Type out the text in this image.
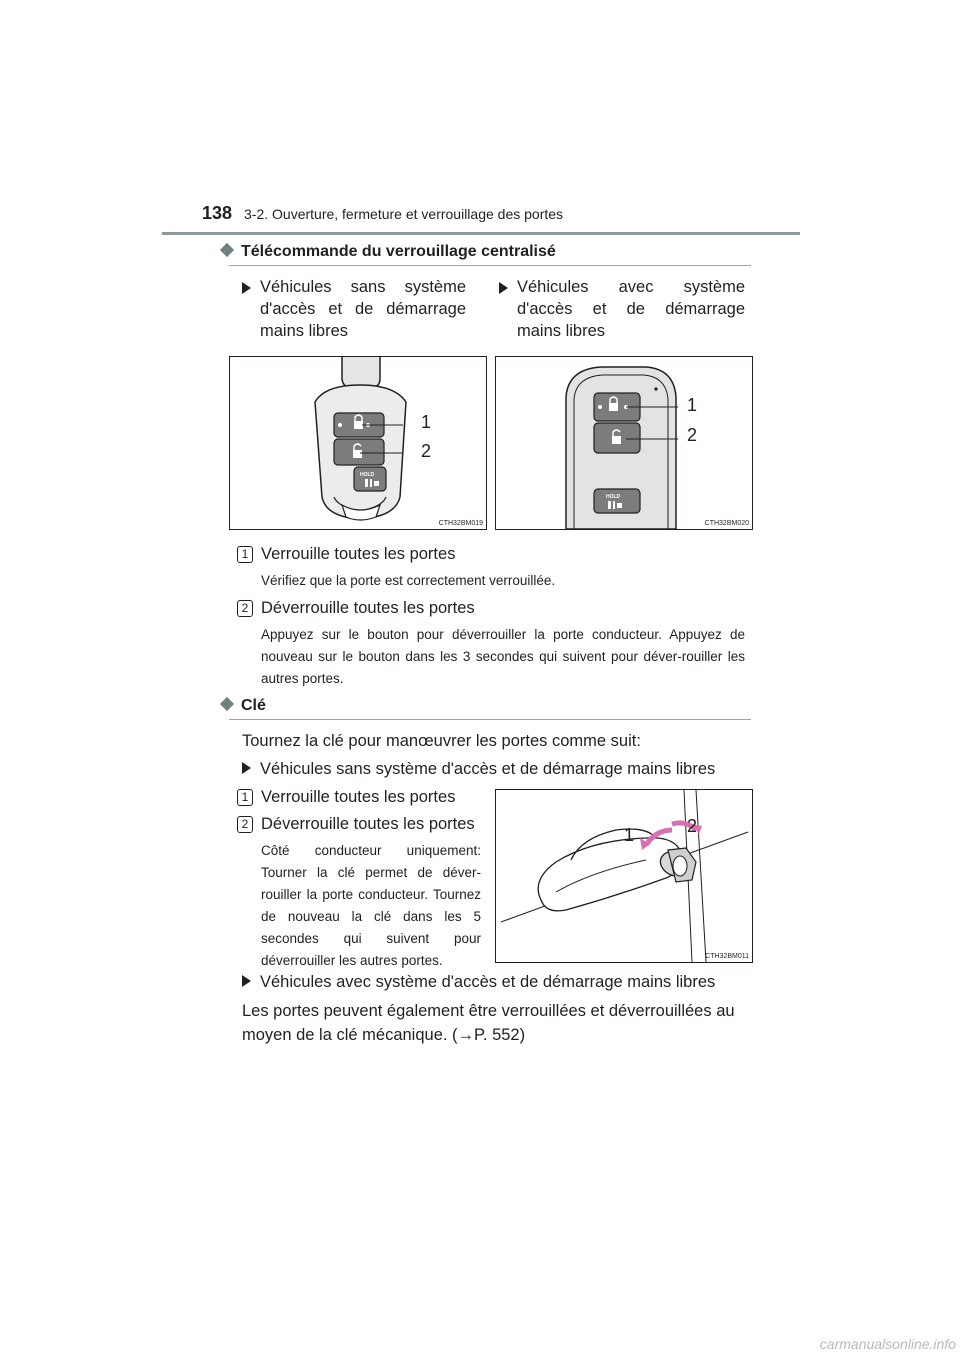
138 3-2. Ouverture, fermeture et verrouillage des portes
Télécommande du verrouillage centralisé
Véhicules sans système d'accès et de démarrage mains libres
Véhicules avec système d'accès et de démarrage mains libres
HOLD
1
2
CTH32BM019
HOLD
1
2
CTH32BM020
1 Verrouille toutes les portes
Vérifiez que la porte est correctement verrouillée.
2 Déverrouille toutes les portes
Appuyez sur le bouton pour déverrouiller la porte conducteur. Appuyez de nouveau sur le bouton dans les 3 secondes qui suivent pour déver-rouiller les autres portes.
Clé
Tournez la clé pour manœuvrer les portes comme suit:
Véhicules sans système d'accès et de démarrage mains libres
1 Verrouille toutes les portes
2 Déverrouille toutes les portes
Côté conducteur uniquement: Tourner la clé permet de déver-rouiller la porte conducteur. Tournez de nouveau la clé dans les 5 secondes qui suivent pour déverrouiller les autres portes.
1	2
CTH32BM011
Véhicules avec système d'accès et de démarrage mains libres
Les portes peuvent également être verrouillées et déverrouillées au moyen de la clé mécanique. (→P. 552)
carmanualsonline.info
